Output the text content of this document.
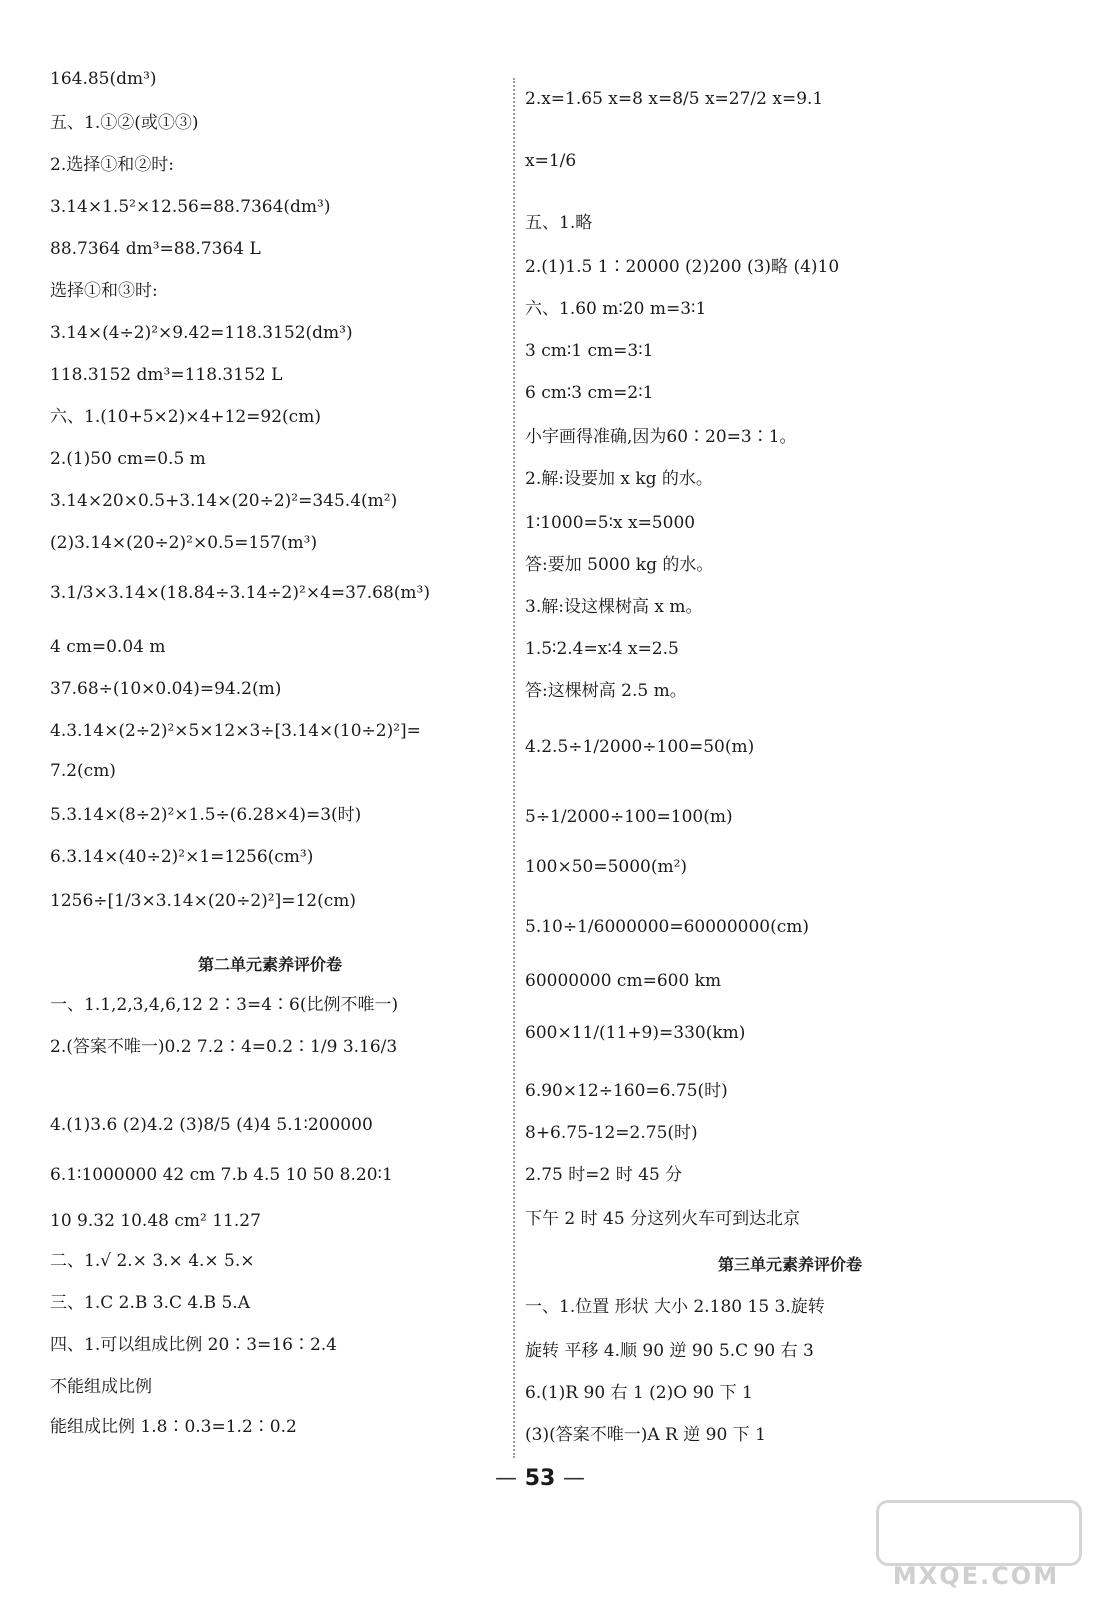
164.85(dm³)
五、1.①②(或①③)
2.选择①和②时:
3.14×1.5²×12.56=88.7364(dm³)
88.7364 dm³=88.7364 L
选择①和③时:
3.14×(4÷2)²×9.42=118.3152(dm³)
118.3152 dm³=118.3152 L
六、1.(10+5×2)×4+12=92(cm)
2.(1)50 cm=0.5 m
3.14×20×0.5+3.14×(20÷2)²=345.4(m²)
(2)3.14×(20÷2)²×0.5=157(m³)
3.1/3×3.14×(18.84÷3.14÷2)²×4=37.68(m³)
4 cm=0.04 m
37.68÷(10×0.04)=94.2(m)
4.3.14×(2÷2)²×5×12×3÷[3.14×(10÷2)²]=
7.2(cm)
5.3.14×(8÷2)²×1.5÷(6.28×4)=3(时)
6.3.14×(40÷2)²×1=1256(cm³)
1256÷[1/3×3.14×(20÷2)²]=12(cm)
第二单元素养评价卷
一、1.1,2,3,4,6,12 2∶3=4∶6(比例不唯一)
2.(答案不唯一)0.2 7.2∶4=0.2∶1/9 3.16/3
4.(1)3.6 (2)4.2 (3)8/5 (4)4 5.1∶200000
6.1∶1000000 42 cm 7.b 4.5 10 50 8.20∶1
10 9.32 10.48 cm² 11.27
二、1.√ 2.× 3.× 4.× 5.×
三、1.C 2.B 3.C 4.B 5.A
四、1.可以组成比例 20∶3=16∶2.4
不能组成比例
能组成比例 1.8∶0.3=1.2∶0.2
2.x=1.65 x=8 x=8/5 x=27/2 x=9.1
x=1/6
五、1.略
2.(1)1.5 1∶20000 (2)200 (3)略 (4)10
六、1.60 m∶20 m=3∶1
3 cm∶1 cm=3∶1
6 cm∶3 cm=2∶1
小宇画得准确,因为60∶20=3∶1。
2.解:设要加 x kg 的水。
1∶1000=5∶x x=5000
答:要加 5000 kg 的水。
3.解:设这棵树高 x m。
1.5∶2.4=x∶4 x=2.5
答:这棵树高 2.5 m。
4.2.5÷1/2000÷100=50(m)
5÷1/2000÷100=100(m)
100×50=5000(m²)
5.10÷1/6000000=60000000(cm)
60000000 cm=600 km
600×11/(11+9)=330(km)
6.90×12÷160=6.75(时)
8+6.75-12=2.75(时)
2.75 时=2 时 45 分
下午 2 时 45 分这列火车可到达北京
第三单元素养评价卷
一、1.位置 形状 大小 2.180 15 3.旋转
旋转 平移 4.顺 90 逆 90 5.C 90 右 3
6.(1)R 90 右 1 (2)O 90 下 1
(3)(答案不唯一)A R 逆 90 下 1
— 53 —
MXQE.COM
